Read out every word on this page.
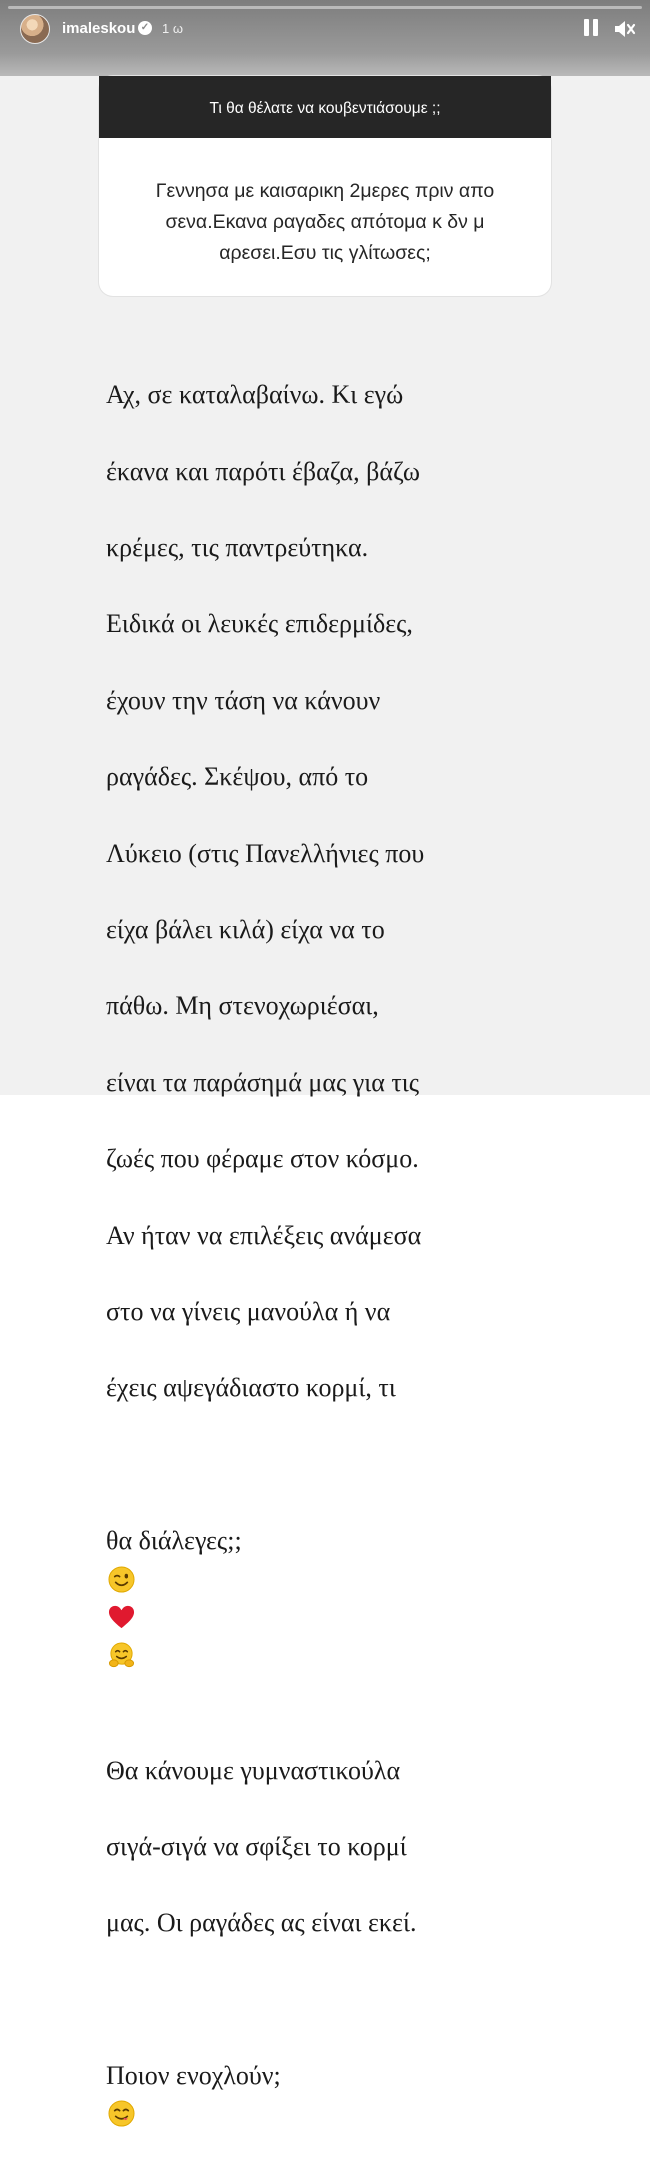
imaleskou ✓ 1 ω
Τι θα θέλατε να κουβεντιάσουμε ;;
Γεννησα με καισαρικη 2μερες πριν απο σενα.Εκανα ραγαδες απότομα κ δν μ αρεσει.Εσυ τις γλίτωσες;

Αχ, σε καταλαβαίνω. Κι εγώ

έκανα και παρότι έβαζα, βάζω

κρέμες, τις παντρεύτηκα.

Ειδικά οι λευκές επιδερμίδες,

έχουν την τάση να κάνουν

ραγάδες. Σκέψου, από το

Λύκειο (στις Πανελλήνιες που

είχα βάλει κιλά) είχα να το

πάθω. Μη στενοχωριέσαι,

είναι τα παράσημά μας για τις

ζωές που φέραμε στον κόσμο.

Αν ήταν να επιλέξεις ανάμεσα

στο να γίνεις μανούλα ή να

έχεις αψεγάδιαστο κορμί, τι

θα διάλεγες;;

Θα κάνουμε γυμναστικούλα

σιγά-σιγά να σφίξει το κορμί

μας. Οι ραγάδες ας είναι εκεί.

Ποιον ενοχλούν;
